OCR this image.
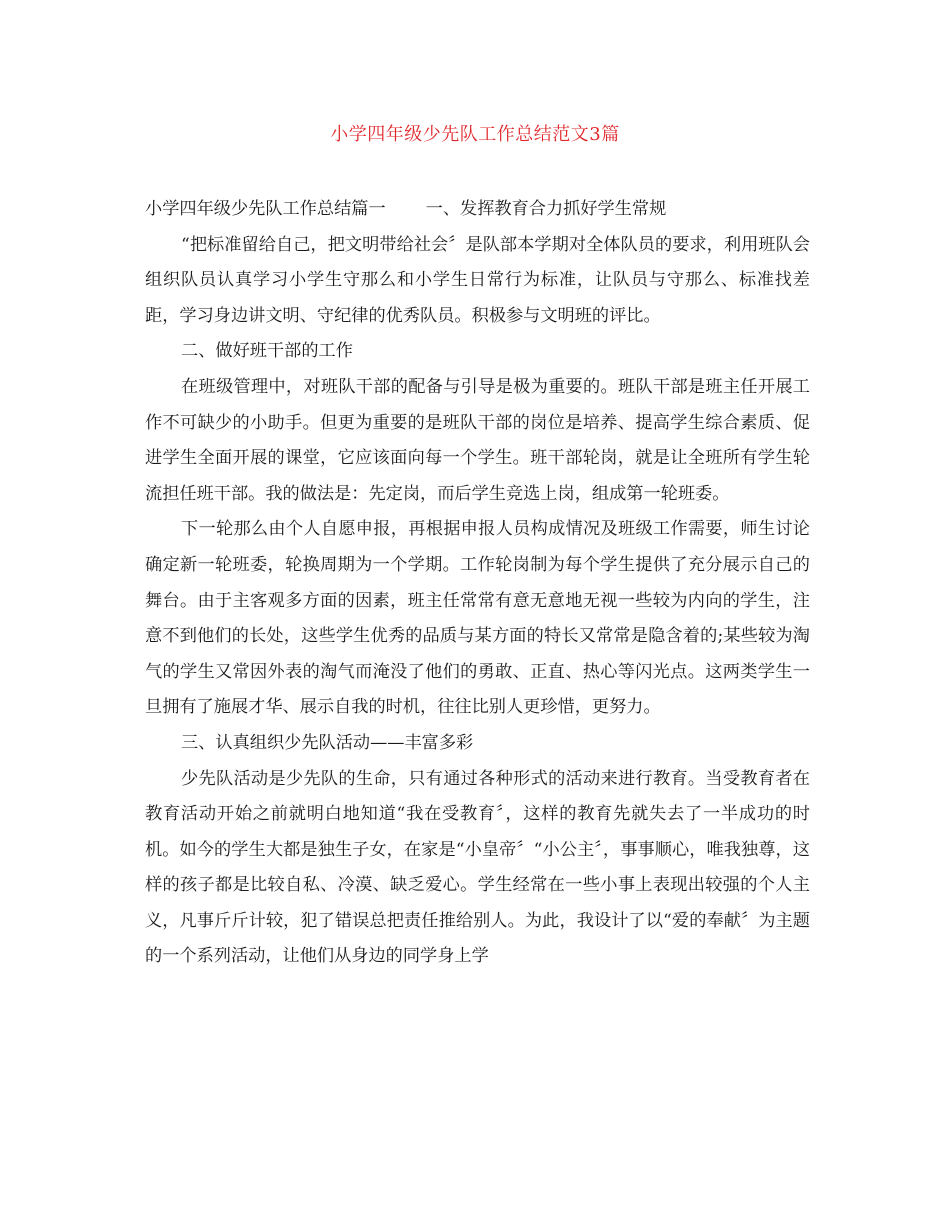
小学四年级少先队工作总结范文3篇

小学四年级少先队工作总结篇一 一、发挥教育合力抓好学生常规

“把标准留给自己，把文明带给社会〞是队部本学期对全体队员的要求，利用班队会组织队员认真学习小学生守那么和小学生日常行为标准，让队员与守那么、标准找差距，学习身边讲文明、守纪律的优秀队员。积极参与文明班的评比。

二、做好班干部的工作

在班级管理中，对班队干部的配备与引导是极为重要的。班队干部是班主任开展工作不可缺少的小助手。但更为重要的是班队干部的岗位是培养、提高学生综合素质、促进学生全面开展的课堂，它应该面向每一个学生。班干部轮岗，就是让全班所有学生轮流担任班干部。我的做法是：先定岗，而后学生竞选上岗，组成第一轮班委。

下一轮那么由个人自愿申报，再根据申报人员构成情况及班级工作需要，师生讨论确定新一轮班委，轮换周期为一个学期。工作轮岗制为每个学生提供了充分展示自己的舞台。由于主客观多方面的因素，班主任常常有意无意地无视一些较为内向的学生，注意不到他们的长处，这些学生优秀的品质与某方面的特长又常常是隐含着的;某些较为淘气的学生又常因外表的淘气而淹没了他们的勇敢、正直、热心等闪光点。这两类学生一旦拥有了施展才华、展示自我的时机，往往比别人更珍惜，更努力。

三、认真组织少先队活动——丰富多彩

少先队活动是少先队的生命，只有通过各种形式的活动来进行教育。当受教育者在教育活动开始之前就明白地知道“我在受教育〞，这样的教育先就失去了一半成功的时机。如今的学生大都是独生子女，在家是“小皇帝〞“小公主〞，事事顺心，唯我独尊，这样的孩子都是比较自私、冷漠、缺乏爱心。学生经常在一些小事上表现出较强的个人主义，凡事斤斤计较，犯了错误总把责任推给别人。为此，我设计了以“爱的奉献〞为主题的一个系列活动，让他们从身边的同学身上学
